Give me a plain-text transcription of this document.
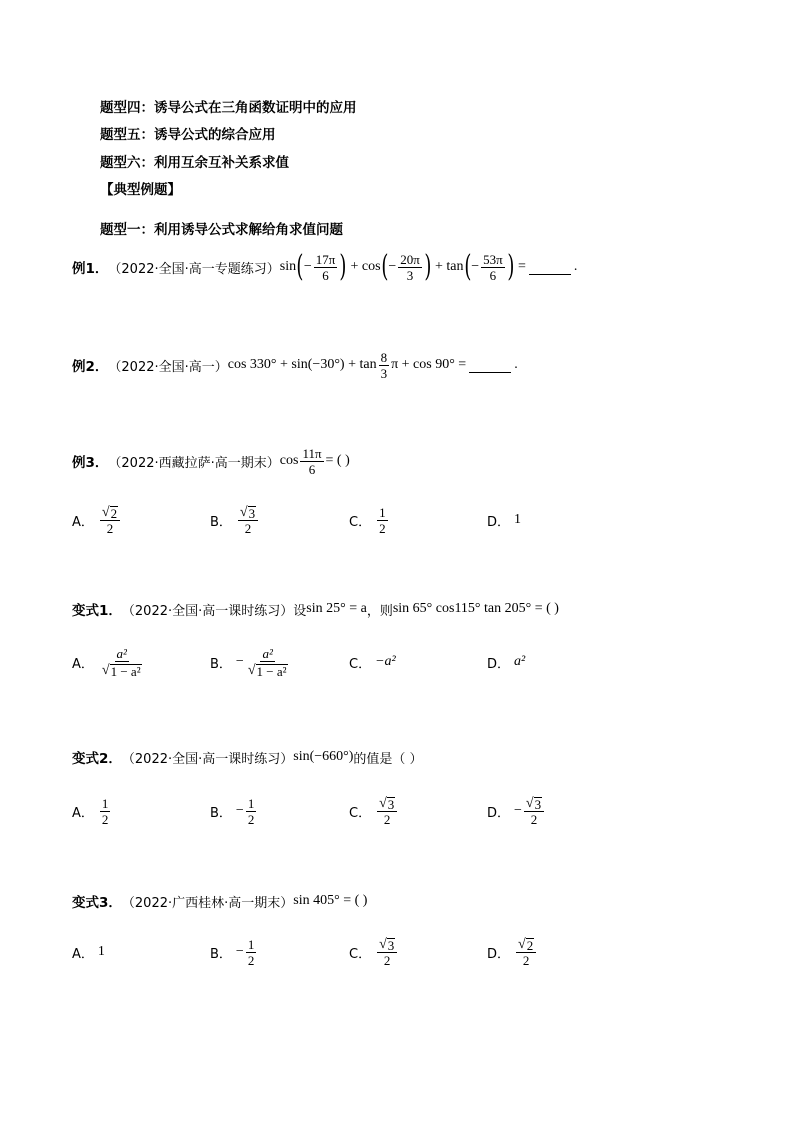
题型四：诱导公式在三角函数证明中的应用
题型五：诱导公式的综合应用
题型六：利用互余互补关系求值
【典型例题】
题型一：利用诱导公式求解给角求值问题
例1． （2022·全国·高一专题练习） sin ( − $\frac{17\pi}{6}$ ) + cos ( − $\frac{20\pi}{3}$ ) + tan ( − $\frac{53\pi}{6}$ ) =	.
例2． （2022·全国·高一） $\cos 330^\circ + \sin(-30^\circ) + \tan \frac{8}{3}$ π + cos 90° =	.
例3． （2022·西藏拉萨·高一期末） $\cos \frac{11\pi}{6}$ = ( )
A． $\frac{√ 2}{2}$	B． $\frac{√ 3}{2}$	C． $\frac{1}{2}$	D． 1
变式1． （2022·全国·高一课时练习） 设 sin 25° = a ，则 sin 65° cos115° tan 205° = ( )
A． $\frac{\text{a²}}{\text{√ 1 − a²}}$	B． − $\frac{\text{a²}}{\text{√ 1 − a²}}$	C． −a²	D． a²
变式2． （2022·全国·高一课时练习） sin(−660°) 的值是（ ）
A． $\frac{1}{2}$	B． − $\frac{1}{2}$	C． $\frac{√ 3}{2}$	D． − $\frac{√ 3}{2}$
变式3． （2022·广西桂林·高一期末） sin 405° = ( )
A． 1	B． − $\frac{1}{2}$	C． $\frac{√ 3}{2}$	D． $\frac{√ 2}{2}$
